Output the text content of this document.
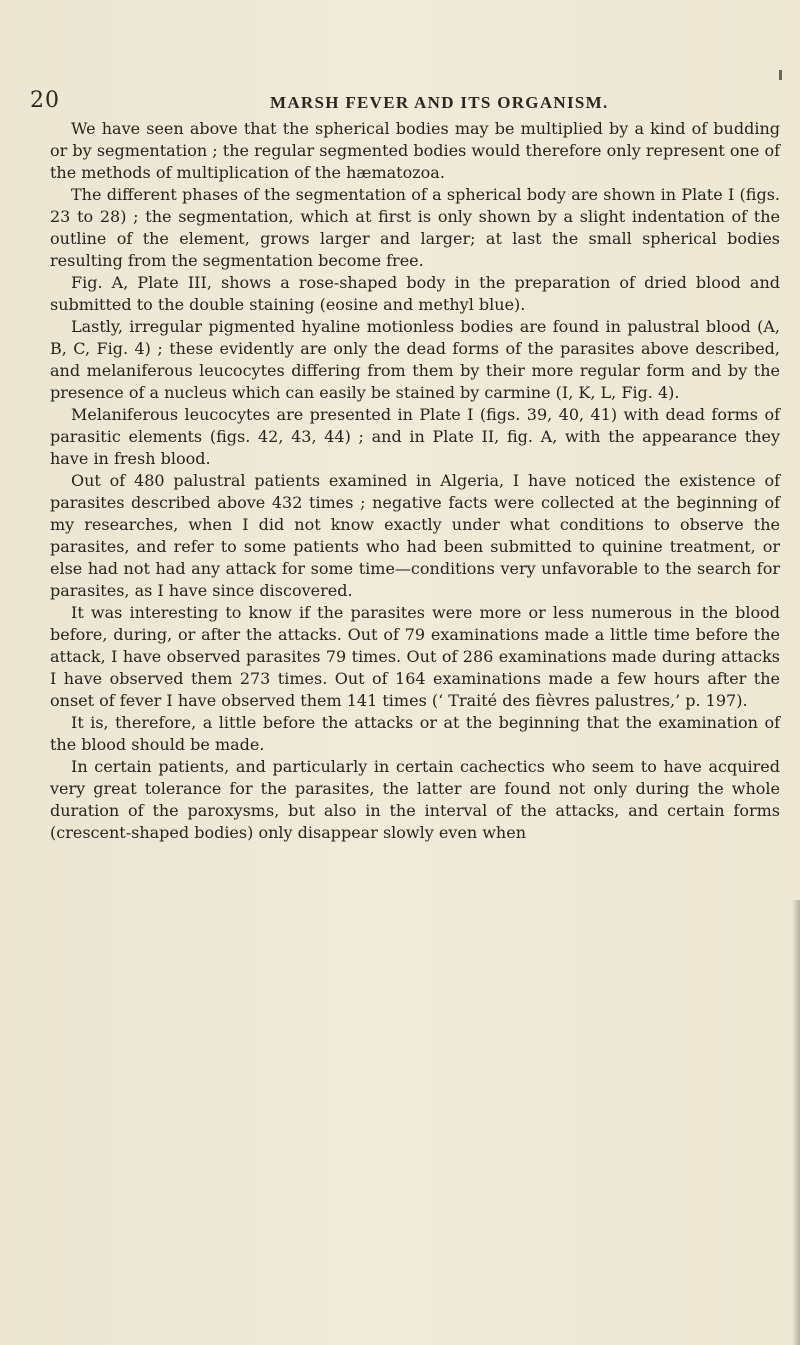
20	MARSH FEVER AND ITS ORGANISM.

We have seen above that the spherical bodies may be multiplied by a kind of budding or by segmentation ; the regular segmented bodies would therefore only represent one of the methods of multiplication of the hæmatozoa.

The different phases of the segmentation of a spherical body are shown in Plate I (figs. 23 to 28) ; the segmentation, which at first is only shown by a slight indentation of the outline of the element, grows larger and larger; at last the small spherical bodies resulting from the segmentation become free.

Fig. A, Plate III, shows a rose-shaped body in the preparation of dried blood and submitted to the double staining (eosine and methyl blue).

Lastly, irregular pigmented hyaline motionless bodies are found in palustral blood (A, B, C, Fig. 4) ; these evidently are only the dead forms of the parasites above described, and melaniferous leucocytes differing from them by their more regular form and by the presence of a nucleus which can easily be stained by carmine (I, K, L, Fig. 4).

Melaniferous leucocytes are presented in Plate I (figs. 39, 40, 41) with dead forms of parasitic elements (figs. 42, 43, 44) ; and in Plate II, fig. A, with the appearance they have in fresh blood.

Out of 480 palustral patients examined in Algeria, I have noticed the existence of parasites described above 432 times ; negative facts were collected at the beginning of my researches, when I did not know exactly under what conditions to observe the parasites, and refer to some patients who had been submitted to quinine treatment, or else had not had any attack for some time—conditions very unfavorable to the search for parasites, as I have since discovered.

It was interesting to know if the parasites were more or less numerous in the blood before, during, or after the attacks. Out of 79 examinations made a little time before the attack, I have observed parasites 79 times. Out of 286 examinations made during attacks I have observed them 273 times. Out of 164 examinations made a few hours after the onset of fever I have observed them 141 times (‘ Traité des fièvres palustres,’ p. 197).

It is, therefore, a little before the attacks or at the beginning that the examination of the blood should be made.

In certain patients, and particularly in certain cachectics who seem to have acquired very great tolerance for the parasites, the latter are found not only during the whole duration of the paroxysms, but also in the interval of the attacks, and certain forms (crescent-shaped bodies) only disappear slowly even when
